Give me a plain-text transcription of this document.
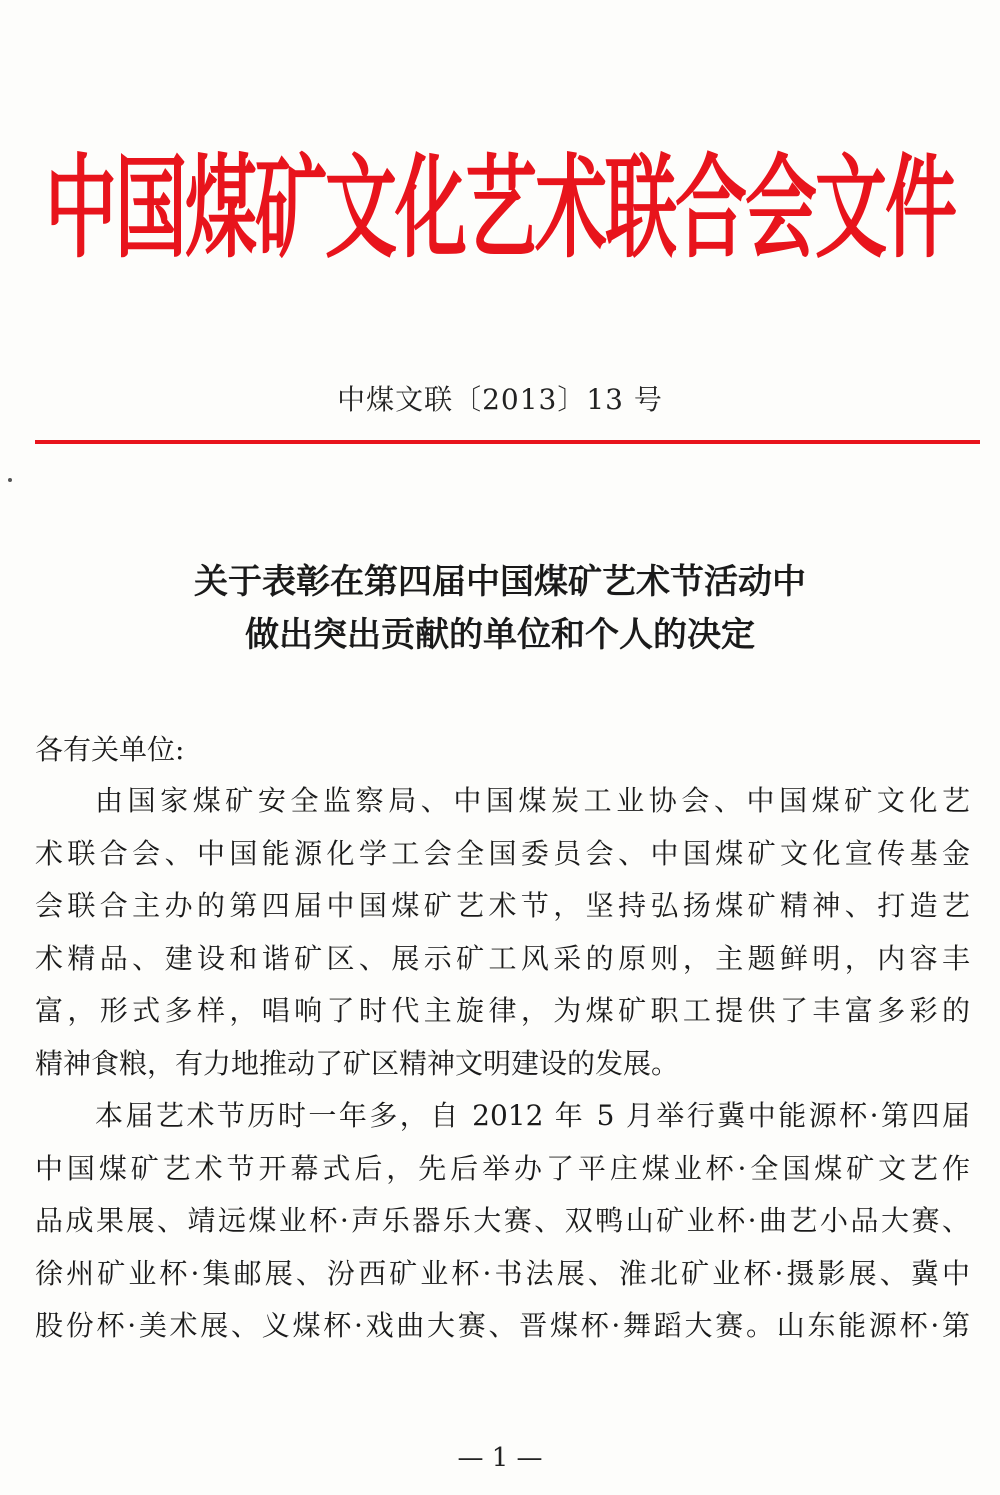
中国煤矿文化艺术联合会文件
中煤文联〔2013〕13 号
关于表彰在第四届中国煤矿艺术节活动中
做出突出贡献的单位和个人的决定
各有关单位:
由国家煤矿安全监察局、中国煤炭工业协会、中国煤矿文化艺
术联合会、中国能源化学工会全国委员会、中国煤矿文化宣传基金
会联合主办的第四届中国煤矿艺术节，坚持弘扬煤矿精神、打造艺
术精品、建设和谐矿区、展示矿工风采的原则，主题鲜明，内容丰
富，形式多样，唱响了时代主旋律，为煤矿职工提供了丰富多彩的
精神食粮，有力地推动了矿区精神文明建设的发展。
本届艺术节历时一年多，自 2012 年 5 月举行冀中能源杯·第四届
中国煤矿艺术节开幕式后，先后举办了平庄煤业杯·全国煤矿文艺作
品成果展、靖远煤业杯·声乐器乐大赛、双鸭山矿业杯·曲艺小品大赛、
徐州矿业杯·集邮展、汾西矿业杯·书法展、淮北矿业杯·摄影展、冀中
股份杯·美术展、义煤杯·戏曲大赛、晋煤杯·舞蹈大赛。山东能源杯·第
— 1 —
